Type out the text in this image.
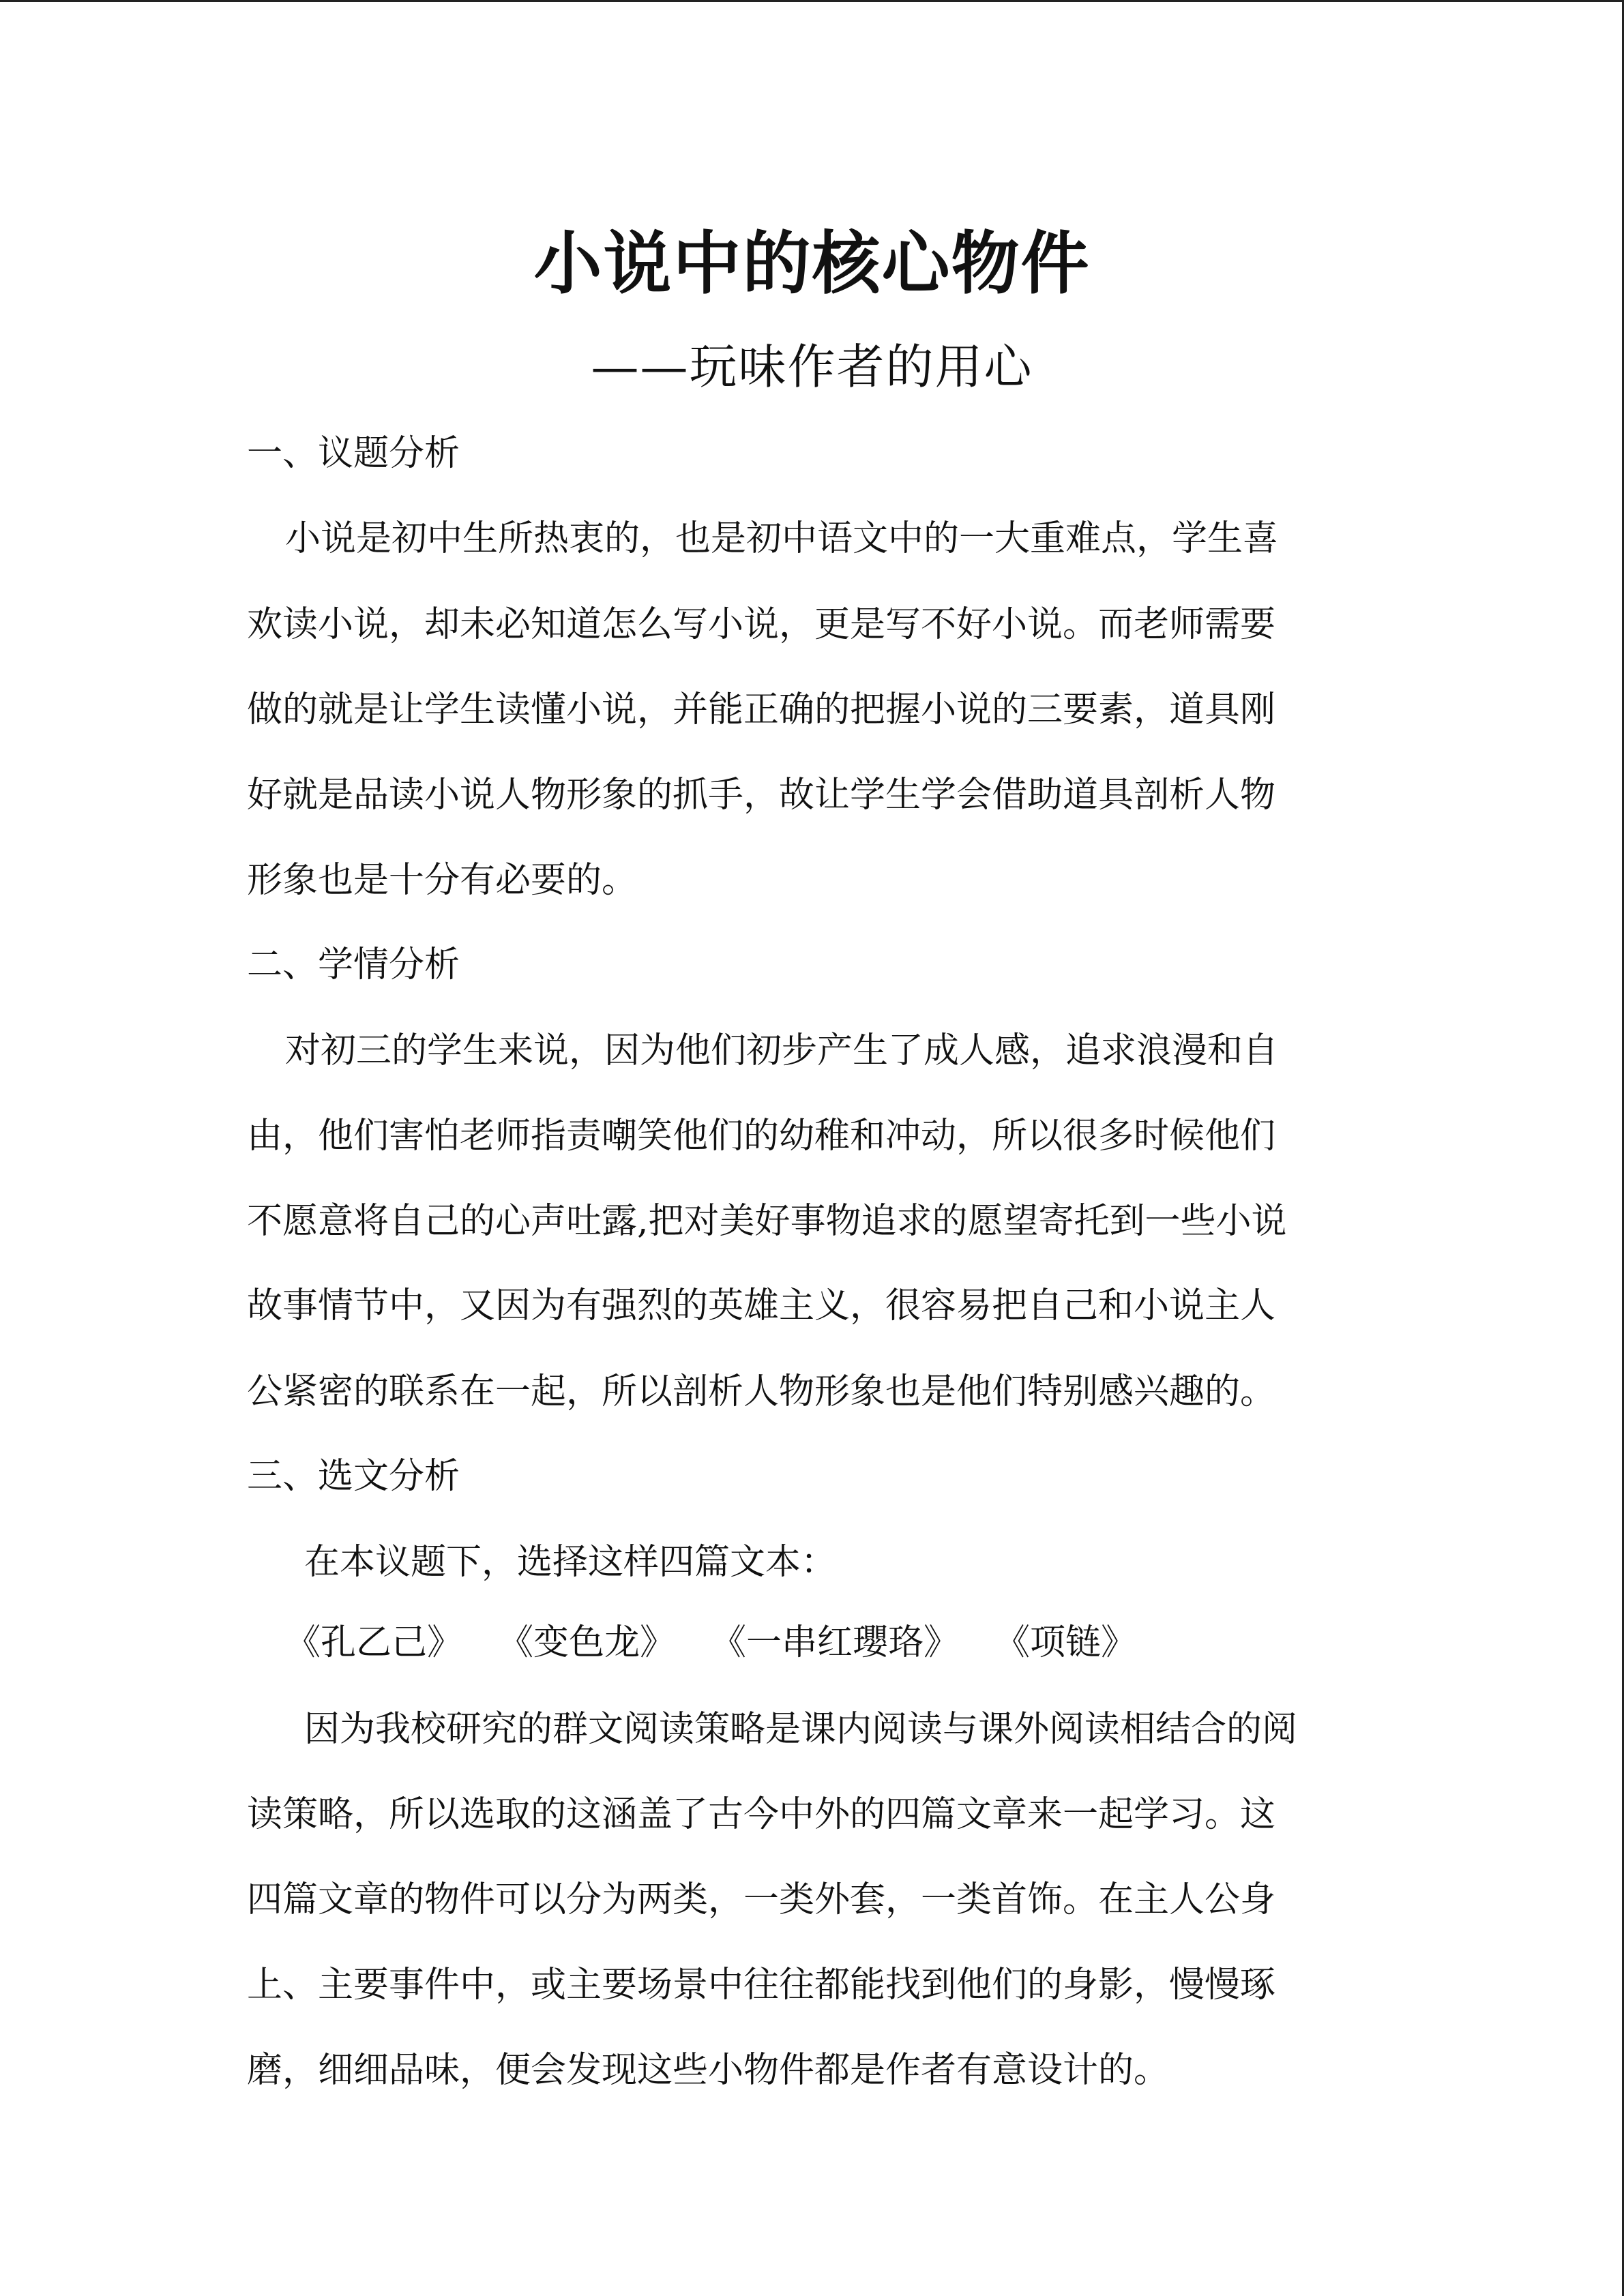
小说中的核心物件
——玩味作者的用心
一、议题分析
小说是初中生所热衷的，也是初中语文中的一大重难点，学生喜
欢读小说，却未必知道怎么写小说，更是写不好小说。而老师需要
做的就是让学生读懂小说，并能正确的把握小说的三要素，道具刚
好就是品读小说人物形象的抓手，故让学生学会借助道具剖析人物
形象也是十分有必要的。
二、学情分析
对初三的学生来说，因为他们初步产生了成人感，追求浪漫和自
由，他们害怕老师指责嘲笑他们的幼稚和冲动，所以很多时候他们
不愿意将自己的心声吐露,把对美好事物追求的愿望寄托到一些小说
故事情节中，又因为有强烈的英雄主义，很容易把自己和小说主人
公紧密的联系在一起，所以剖析人物形象也是他们特别感兴趣的。
三、选文分析
在本议题下，选择这样四篇文本：
《孔乙己》 《变色龙》 《一串红瓔珞》 《项链》
因为我校研究的群文阅读策略是课内阅读与课外阅读相结合的阅
读策略，所以选取的这涵盖了古今中外的四篇文章来一起学习。这
四篇文章的物件可以分为两类，一类外套，一类首饰。在主人公身
上、主要事件中，或主要场景中往往都能找到他们的身影，慢慢琢
磨，细细品味，便会发现这些小物件都是作者有意设计的。
